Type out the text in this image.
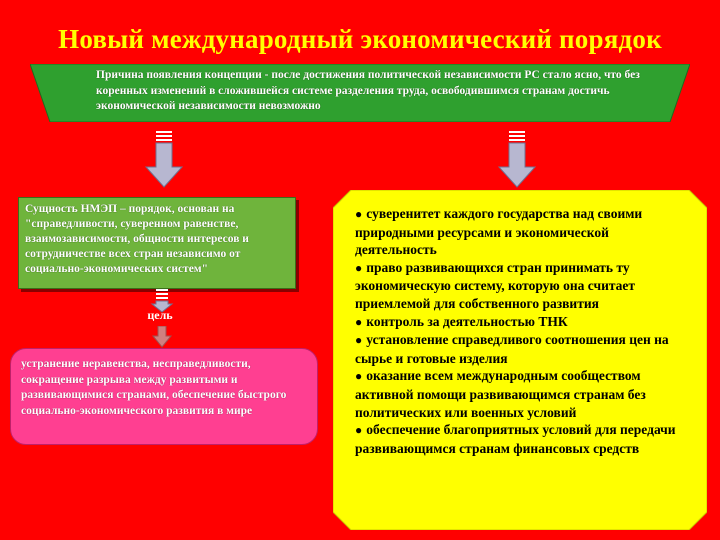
Новый международный экономический порядок
Причина появления концепции - после достижения политической независимости РС стало ясно, что без коренных изменений в сложившейся системе разделения труда, освободившимся странам достичь экономической независимости невозможно
Сущность НМЭП – порядок, основан на "справедливости, суверенном равенстве, взаимозависимости, общности интересов и сотрудничестве всех стран независимо от социально-экономических систем"
цель
устранение неравенства, несправедливости, сокращение разрыва между развитыми и развивающимися странами, обеспечение быстрого социально-экономического развития в мире
● суверенитет каждого государства над своими природными ресурсами и экономической деятельность
● право развивающихся стран принимать ту экономическую систему, которую она считает приемлемой для собственного развития
● контроль за деятельностью ТНК
● установление справедливого соотношения цен на сырье и готовые изделия
● оказание всем международным сообществом активной помощи развивающимся странам без политических или военных условий
● обеспечение благоприятных условий для передачи развивающимся странам финансовых средств
